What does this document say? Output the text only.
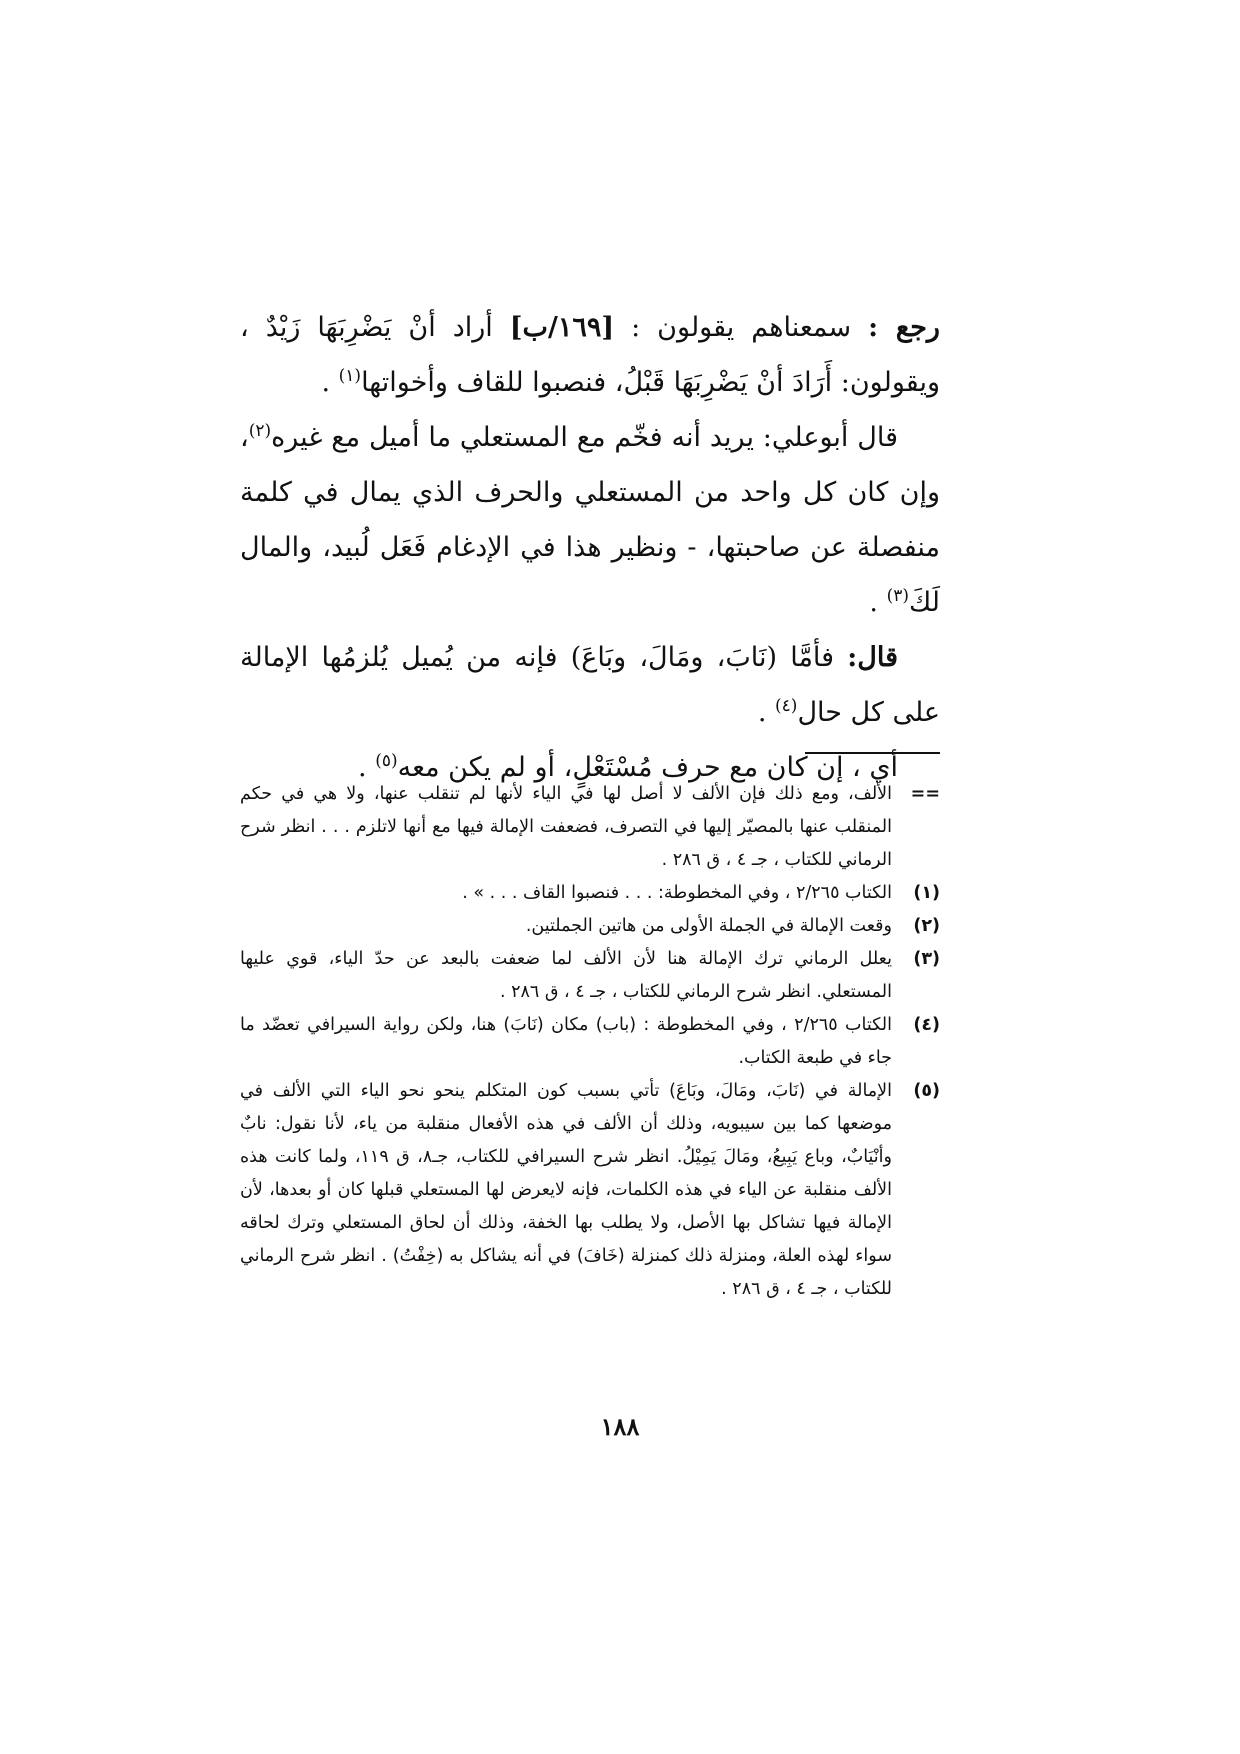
رجع : سمعناهم يقولون : [١٦٩/ب] أراد أنْ يَضْرِبَهَا زَيْدٌ ، ويقولون: أَرَادَ أنْ يَضْرِبَهَا قَبْلُ، فنصبوا للقاف وأخواتها$^{(١)}$ .

قال أبوعلي: يريد أنه فخّم مع المستعلي ما أميل مع غيره$^{(٢)}$، وإن كان كل واحد من المستعلي والحرف الذي يمال في كلمة منفصلة عن صاحبتها، - ونظير هذا في الإدغام فَعَل لُبيد، والمال لَكَ$^{(٣)}$ .

قال: فأمَّا (نَابَ، ومَالَ، وبَاعَ) فإنه من يُميل يُلزمُها الإمالة على كل حال$^{(٤)}$ .

أي ، إن كان مع حرف مُسْتَعْلٍ، أو لم يكن معه$^{(٥)}$ .

==
الألف، ومع ذلك فإن الألف لا أصل لها في الياء لأنها لم تنقلب عنها، ولا هي في حكم المنقلب عنها بالمصيّر إليها في التصرف، فضعفت الإمالة فيها مع أنها لاتلزم . . . انظر شرح الرماني للكتاب ، جـ ٤ ، ق ٢٨٦ .
(١)
الكتاب ٢/٢٦٥ ، وفي المخطوطة: . . . فنصبوا القاف . . . » .
(٢)
وقعت الإمالة في الجملة الأولى من هاتين الجملتين.
(٣)
يعلل الرماني ترك الإمالة هنا لأن الألف لما ضعفت بالبعد عن حدّ الياء، قوي عليها المستعلي. انظر شرح الرماني للكتاب ، جـ ٤ ، ق ٢٨٦ .
(٤)
الكتاب ٢/٢٦٥ ، وفي المخطوطة : (باب) مكان (نَابَ) هنا، ولكن رواية السيرافي تعضّد ما جاء في طبعة الكتاب.
(٥)
الإمالة في (نَابَ، ومَالَ، وبَاعَ) تأتي بسبب كون المتكلم ينحو نحو الياء التي الألف في موضعها كما بين سيبويه، وذلك أن الألف في هذه الأفعال منقلبة من ياء، لأنا نقول: نابٌ وأنْيَابٌ، وباع يَبِيعُ، ومَالَ يَمِيْلُ. انظر شرح السيرافي للكتاب، جـ٨، ق ١١٩، ولما كانت هذه الألف منقلبة عن الياء في هذه الكلمات، فإنه لايعرض لها المستعلي قبلها كان أو بعدها، لأن الإمالة فيها تشاكل بها الأصل، ولا يطلب بها الخفة، وذلك أن لحاق المستعلي وترك لحاقه سواء لهذه العلة، ومنزلة ذلك كمنزلة (خَافَ) في أنه يشاكل به (خِفْتُ) . انظر شرح الرماني للكتاب ، جـ ٤ ، ق ٢٨٦ .
١٨٨
